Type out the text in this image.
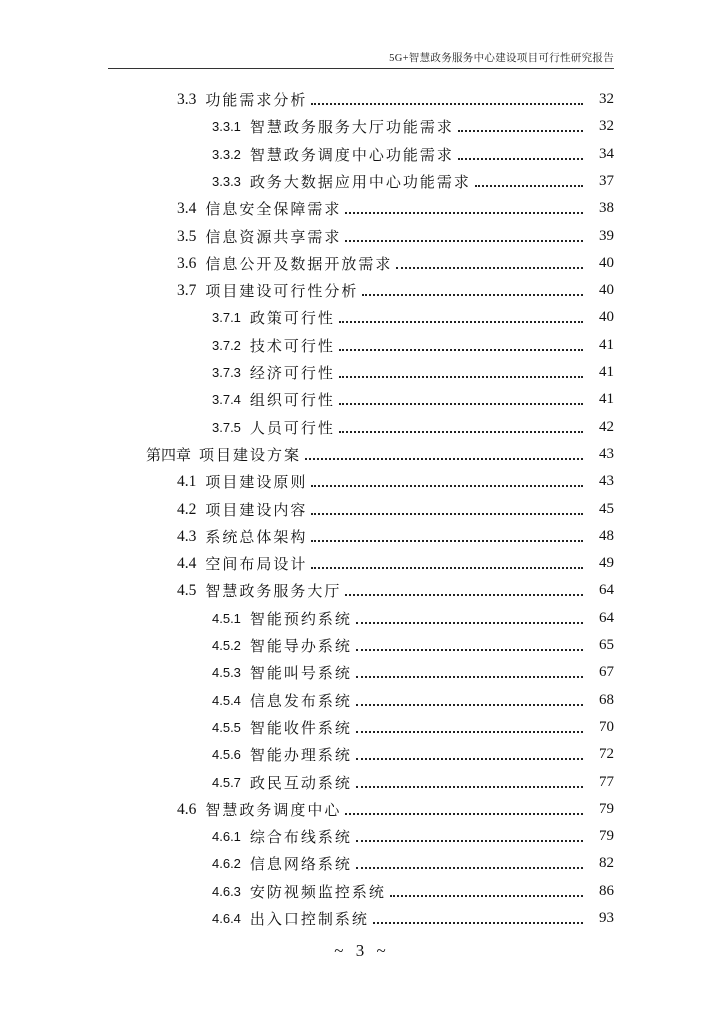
5G+智慧政务服务中心建设项目可行性研究报告
3.3 功能需求分析	32
3.3.1 智慧政务服务大厅功能需求	32
3.3.2 智慧政务调度中心功能需求	34
3.3.3 政务大数据应用中心功能需求	37
3.4 信息安全保障需求	38
3.5 信息资源共享需求	39
3.6 信息公开及数据开放需求	40
3.7 项目建设可行性分析	40
3.7.1 政策可行性	40
3.7.2 技术可行性	41
3.7.3 经济可行性	41
3.7.4 组织可行性	41
3.7.5 人员可行性	42
第四章 项目建设方案	43
4.1 项目建设原则	43
4.2 项目建设内容	45
4.3 系统总体架构	48
4.4 空间布局设计	49
4.5 智慧政务服务大厅	64
4.5.1 智能预约系统	64
4.5.2 智能导办系统	65
4.5.3 智能叫号系统	67
4.5.4 信息发布系统	68
4.5.5 智能收件系统	70
4.5.6 智能办理系统	72
4.5.7 政民互动系统	77
4.6 智慧政务调度中心	79
4.6.1 综合布线系统	79
4.6.2 信息网络系统	82
4.6.3 安防视频监控系统	86
4.6.4 出入口控制系统	93
~ 3 ~
